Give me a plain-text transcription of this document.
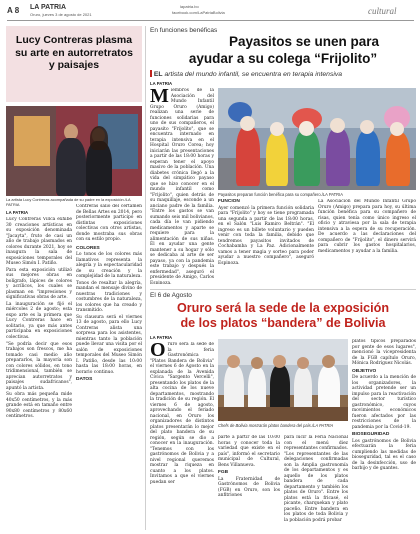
A 8 LA PATRIA
Oruro, jueves 3 de agosto de 2021
lapatria.bo
facebook.com/LaPatriaBolivia	cultural
Lucy Contreras plasma su arte en autorretratos y paisajes
La artista Lucy Contreras acompañada de su padre en la exposición./LA PATRIA
LA PATRIA

Lucy Contreras Villca exhibe 30 creaciones artísticas en su exposición denominada "Jacayta", fruto de casi un año de trabajo plasmados en colores durante 2021, hoy se inaugura la sala de exposiciones temporales del Museo Simón I. Patiño.

Para esta exposición utilizó sus mejores obras en bolígrafo, lápices de colores y acrílicos, los cuales se plasman en "impresiones y significativas obras de arte.

La inauguración se fijó el miércoles 2 de agosto; esta expo arte es la primera que Lucy Contreras hace en solitario, ya que más antes participaba en exposiciones colectivas.

"Se podría decir que esos trabajos son frescos, me ha tomado casi medio año prepararlos, la mayoría son con colores sólidos, en tono tridimensional, también se aprecian autorretratos y paisajes sudafricanos", apuntó la artista.

Su obra más pequeña mide 40x50 centímetros, y la más grande está en tamaño entre 90x80 centímetros y 80x60 centímetros.

Contreras salió del certamen de Bellas Artes en 2014, pero posteriormente participó en distintas exposiciones colectivas con otros artistas, donde mostraba sus obras con su estilo propio.

COLORES

Lo tonos de los colores más llamativos representa la alegría y la espectacularidad de su creación y la complejidad de la naturaleza.

Tonos de resaltar la alegría, mandan el mensaje divino de nuestras tradiciones y costumbres de la naturaleza, los colores que ha creado y transmitido.

Su clausura será el viernes 13 de agosto, para ello Lucy Contreras alista una sorpresa para los asistentes, mientras tanto la población puede llevar una visita por el salón de exposiciones temporales del Museo Simón I. Patiño, desde las 10:00 hasta las 18:00 horas, en horario continuo.

DATOS
En funciones benéficas
Payasitos se unen para
ayudar a su colega “Frijolito”
EL artista del mundo infantil, se encuentra en terapia intensiva
LA PATRIA
Miembros de la Asociación del Mundo Infantil Grupo Oruro (Amigo) realizan una serie de funciones solidarias para uno de sus compañeros, el payasito "Frijolito", que se encuentra internado en terapia intensiva en el Hospital Oruro Corea; hoy iniciarán las presentaciones a partir de las 18:00 horas y esperan tener el apoyo masivo de la población. Una diabetes crónica llegó a la vida del simpático payaso que se hizo conocer en el mundo infantil como "Frijolito", quien detrás de su maquillaje, esconde a un anciano padre de la familia. "Entre los gastos se van sumando seis mil bolivianos, cada día le van pidiendo medicamentos y aparte se requiere para la alimentación de sus niñas. Él en ayudar una gente mantener a su hogar y sólo se dedicaba al arte de ser payaso, ya con la pandemia este trabajo y después la enfermedad", aseguró el presidente de Amigo, Carlos Espinoza.
Payasitos preparan función benéfica para su compañero./LA PATRIA
FUNCIÓN
Ayer comenzó la primera función solidaria para "Frijolito" y hoy se tiene programada una segunda a partir de las 18:00 horas, en el Salón "Luis Ramiro Beltrán". "El ingreso es un billete voluntario y pueden venir con toda la familia, debido que tendremos payasitos invitados de Cochabamba y La Paz. Adicionalmente vamos a tener magia y sorteo para poder ayudar a nuestro compañero", aseguró Espinoza.
La Asociación del Mundo Infantil Grupo Oruro (Amigo) prepara para hoy, su última función benéfica para su compañero de risas, quien tenía como único ingreso el oficio y atraviesa por la sala de terapia intensiva a la espera de su recuperación. De acuerdo a las declaraciones del compañero de "Frijolito", el dinero servirá para cubrir los gastos hospitalarios, medicamentos y ayudar a la familia.
El 6 de Agosto
Oruro será la sede de la exposición
de los platos “bandera” de Bolivia
LA PATRIA
Oruro será la sede de la feria Gastronómica "Platos Bandera de Bolivia" el viernes 6 de Agosto en la explanada de la Avenida Cívica "Sargento Vercelli", presentando los platos de la alta cocina de los nueve departamentos, mostrando la tradición de su región. El viernes 6 de agosto, aprovechando el feriado nacional, en Oruro los organizadores de distintos platos presentarán lo mejor del plato bandera de su región, según se dio a conocer en la inauguración. "Tenemos con los gastrónomos de Bolivia y a nivel regional queremos mostrar la riqueza en cuanto a los platos. Invitamos a que el viernes puedan ser
Chefs de Bolivia mostrarán platos bandera del país./LA PATRIA
parte a partir de las 10:00 horas y conocer toda la variedad que existe en el país", informó el secretario municipal de Cultural, Bens Villanueva.
FGB
La Fraternidad de Gastrónomos de Bolivia (FGB) en Oruro, son los anfitriones
para lucir la Feria Nacional con el menú diez representantes confirmados. "Los representantes de las delegaciones confirmadas son la Amplia gastronomía de los departamentos y es aquello de los platos bandera de cada departamento y también los platos de Oruro". Entre los platos está la fricasé, el picante, charquekan y plato paceño. Entre bandera en los platos de toda Bolivia y la población podrá probar

platos típicos preparados por gente de esos lugares", mencionó la vicepresidenta de la FGB capítulo Oruro, Mónica Rodríguez Nicolás.

OBJETIVO

De acuerdo a la mención de los organizadores, la actividad pretende ser un impulso para la reactivación del sector turístico gastronómico, cuyos movimientos económicos fueron afectados por las restricciones de la pandemia por la Covid-19.

BIOSEGURIDAD

Los gastrónomos de Bolivia efectuarán la feria cumpliendo las medidas de bioseguridad, tal es el caso de la desinfección, uso de barbijo y de guantes.
